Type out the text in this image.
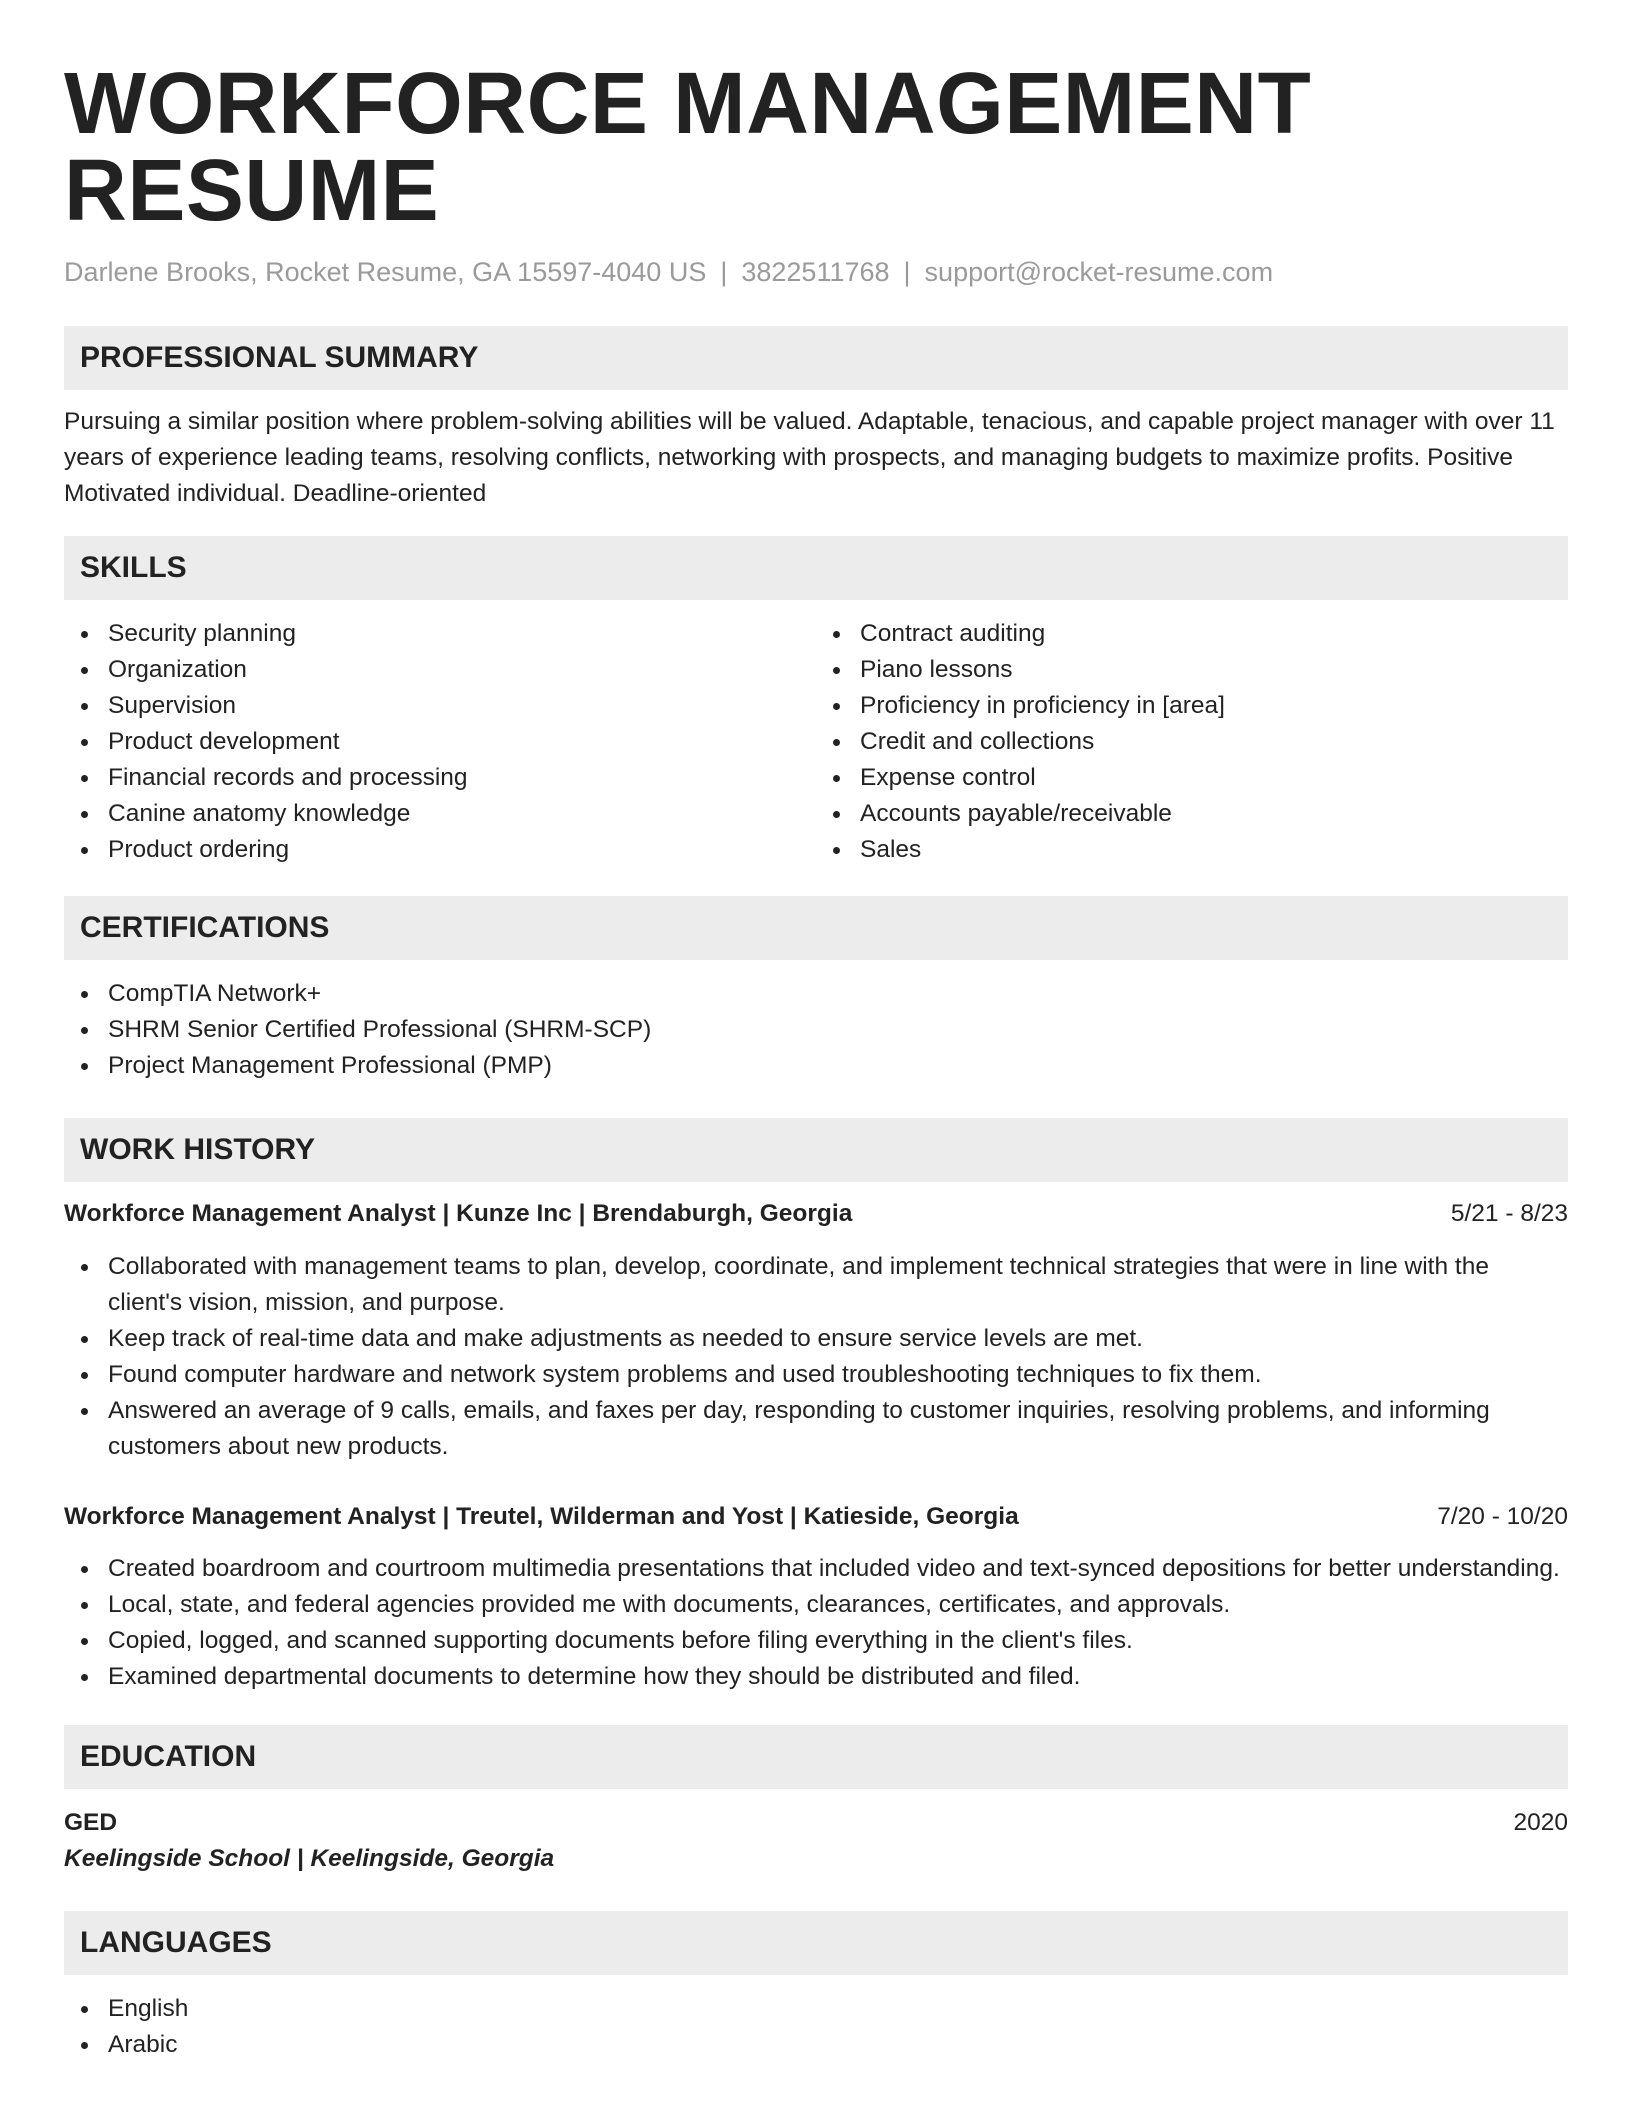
WORKFORCE MANAGEMENT RESUME
Darlene Brooks, Rocket Resume, GA 15597-4040 US | 3822511768 | support@rocket-resume.com
PROFESSIONAL SUMMARY

Pursuing a similar position where problem-solving abilities will be valued. Adaptable, tenacious, and capable project manager with over 11 years of experience leading teams, resolving conflicts, networking with prospects, and managing budgets to maximize profits. Positive Motivated individual. Deadline-oriented

SKILLS
Security planning
Organization
Supervision
Product development
Financial records and processing
Canine anatomy knowledge
Product ordering
Contract auditing
Piano lessons
Proficiency in proficiency in [area]
Credit and collections
Expense control
Accounts payable/receivable
Sales
CERTIFICATIONS
CompTIA Network+
SHRM Senior Certified Professional (SHRM-SCP)
Project Management Professional (PMP)
WORK HISTORY
Workforce Management Analyst | Kunze Inc | Brendaburgh, Georgia	5/21 - 8/23
Collaborated with management teams to plan, develop, coordinate, and implement technical strategies that were in line with the client's vision, mission, and purpose.
Keep track of real-time data and make adjustments as needed to ensure service levels are met.
Found computer hardware and network system problems and used troubleshooting techniques to fix them.
Answered an average of 9 calls, emails, and faxes per day, responding to customer inquiries, resolving problems, and informing customers about new products.
Workforce Management Analyst | Treutel, Wilderman and Yost | Katieside, Georgia	7/20 - 10/20
Created boardroom and courtroom multimedia presentations that included video and text-synced depositions for better understanding.
Local, state, and federal agencies provided me with documents, clearances, certificates, and approvals.
Copied, logged, and scanned supporting documents before filing everything in the client's files.
Examined departmental documents to determine how they should be distributed and filed.
EDUCATION
GED	2020
Keelingside School | Keelingside, Georgia
LANGUAGES
English
Arabic
